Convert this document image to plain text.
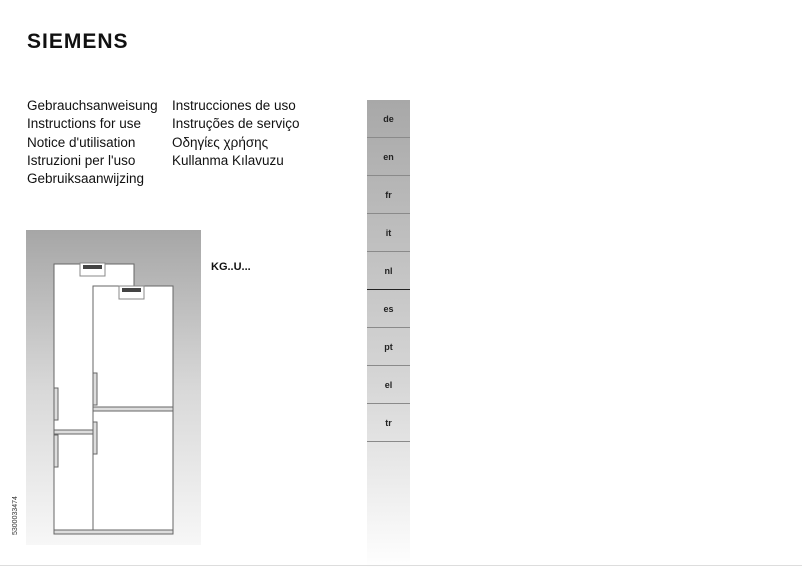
SIEMENS
Gebrauchsanweisung
Instructions for use
Notice d'utilisation
Istruzioni per l'uso
Gebruiksaanwijzing
Instrucciones de uso
Instruções de serviço
Οδηγίες χρήσης
Kullanma Kılavuzu
KG..U...
5300033474
de
en
fr
it
nl
es
pt
el
tr
